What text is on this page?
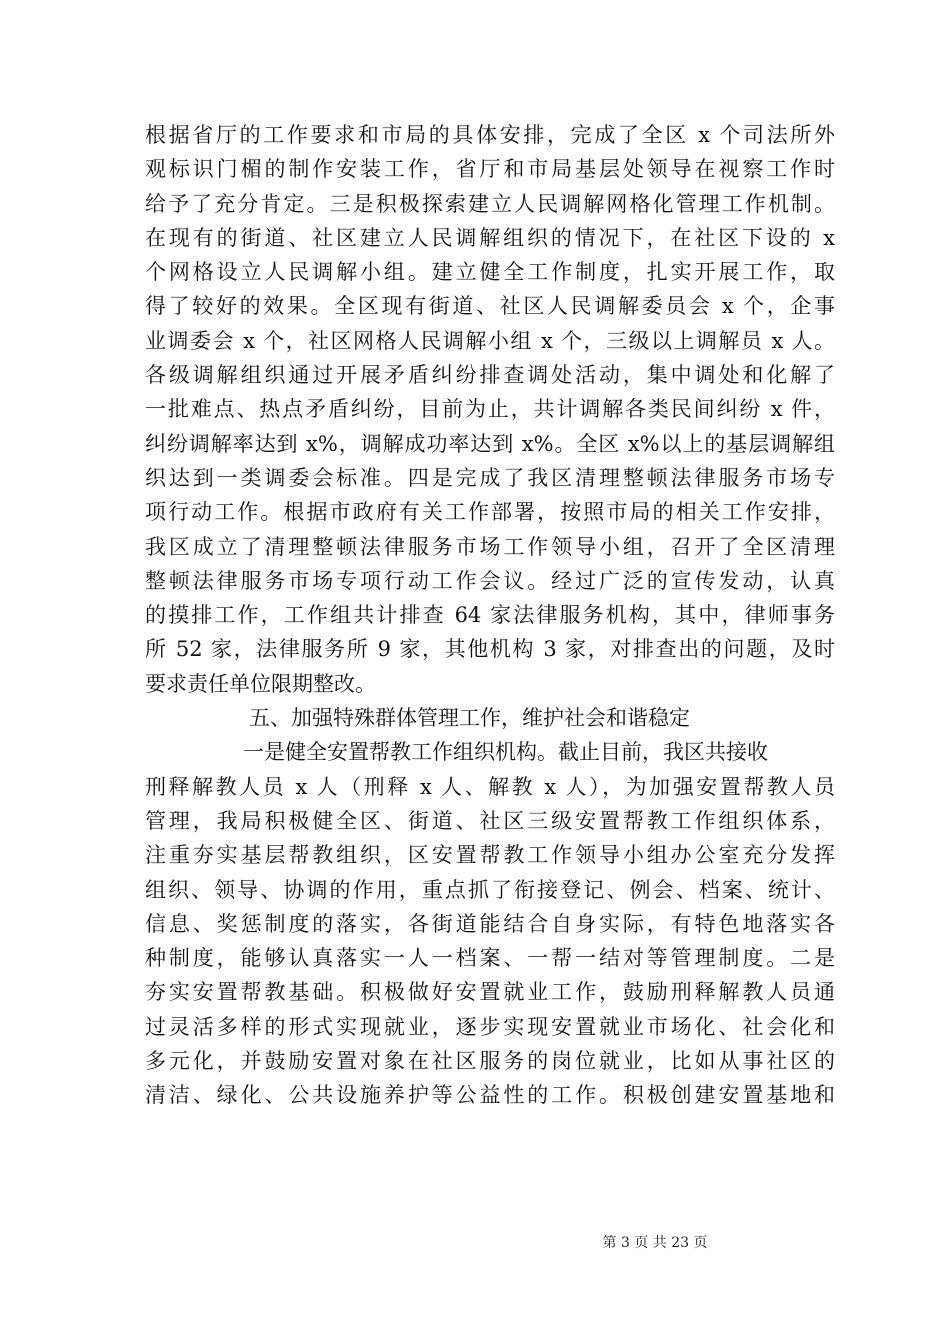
根据省厅的工作要求和市局的具体安排，完成了全区 x 个司法所外
观标识门楣的制作安装工作，省厅和市局基层处领导在视察工作时
给予了充分肯定。三是积极探索建立人民调解网格化管理工作机制。
在现有的街道、社区建立人民调解组织的情况下，在社区下设的 x
个网格设立人民调解小组。建立健全工作制度，扎实开展工作，取
得了较好的效果。全区现有街道、社区人民调解委员会 x 个，企事
业调委会 x 个，社区网格人民调解小组 x 个，三级以上调解员 x 人。
各级调解组织通过开展矛盾纠纷排查调处活动，集中调处和化解了
一批难点、热点矛盾纠纷，目前为止，共计调解各类民间纠纷 x 件，
纠纷调解率达到 x%，调解成功率达到 x%。全区 x%以上的基层调解组
织达到一类调委会标准。四是完成了我区清理整顿法律服务市场专
项行动工作。根据市政府有关工作部署，按照市局的相关工作安排，
我区成立了清理整顿法律服务市场工作领导小组，召开了全区清理
整顿法律服务市场专项行动工作会议。经过广泛的宣传发动，认真
的摸排工作，工作组共计排查 64 家法律服务机构，其中，律师事务
所 52 家，法律服务所 9 家，其他机构 3 家，对排查出的问题，及时
要求责任单位限期整改。
五、加强特殊群体管理工作，维护社会和谐稳定
一是健全安置帮教工作组织机构。截止目前，我区共接收
刑释解教人员 x 人（刑释 x 人、解教 x 人），为加强安置帮教人员
管理，我局积极健全区、街道、社区三级安置帮教工作组织体系，
注重夯实基层帮教组织，区安置帮教工作领导小组办公室充分发挥
组织、领导、协调的作用，重点抓了衔接登记、例会、档案、统计、
信息、奖惩制度的落实，各街道能结合自身实际，有特色地落实各
种制度，能够认真落实一人一档案、一帮一结对等管理制度。二是
夯实安置帮教基础。积极做好安置就业工作，鼓励刑释解教人员通
过灵活多样的形式实现就业，逐步实现安置就业市场化、社会化和
多元化，并鼓励安置对象在社区服务的岗位就业，比如从事社区的
清洁、绿化、公共设施养护等公益性的工作。积极创建安置基地和
第 3 页 共 23 页
